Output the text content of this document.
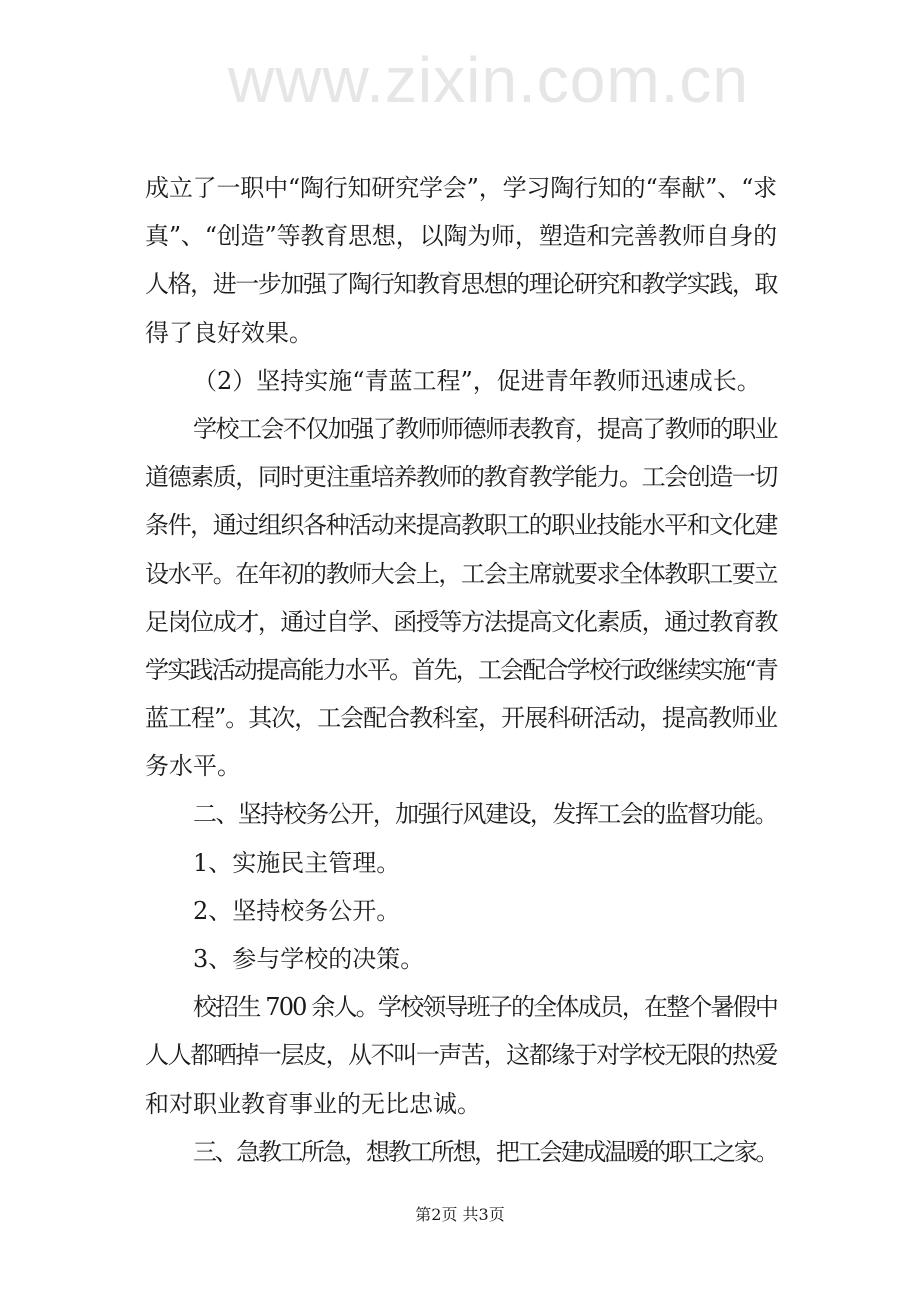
www.zixin.com.cn
成立了一职中“陶行知研究学会”，学习陶行知的“奉献”、“求
真”、“创造”等教育思想，以陶为师，塑造和完善教师自身的
人格，进一步加强了陶行知教育思想的理论研究和教学实践，取
得了良好效果。
（2）坚持实施“青蓝工程”，促进青年教师迅速成长。
学校工会不仅加强了教师师德师表教育，提高了教师的职业
道德素质，同时更注重培养教师的教育教学能力。工会创造一切
条件，通过组织各种活动来提高教职工的职业技能水平和文化建
设水平。在年初的教师大会上，工会主席就要求全体教职工要立
足岗位成才，通过自学、函授等方法提高文化素质，通过教育教
学实践活动提高能力水平。首先，工会配合学校行政继续实施“青
蓝工程”。其次，工会配合教科室，开展科研活动，提高教师业
务水平。
二、坚持校务公开，加强行风建设，发挥工会的监督功能。
1、实施民主管理。
2、坚持校务公开。
3、参与学校的决策。
校招生 700 余人。学校领导班子的全体成员，在整个暑假中
人人都晒掉一层皮，从不叫一声苦，这都缘于对学校无限的热爱
和对职业教育事业的无比忠诚。
三、急教工所急，想教工所想，把工会建成温暖的职工之家。
第2页 共3页
